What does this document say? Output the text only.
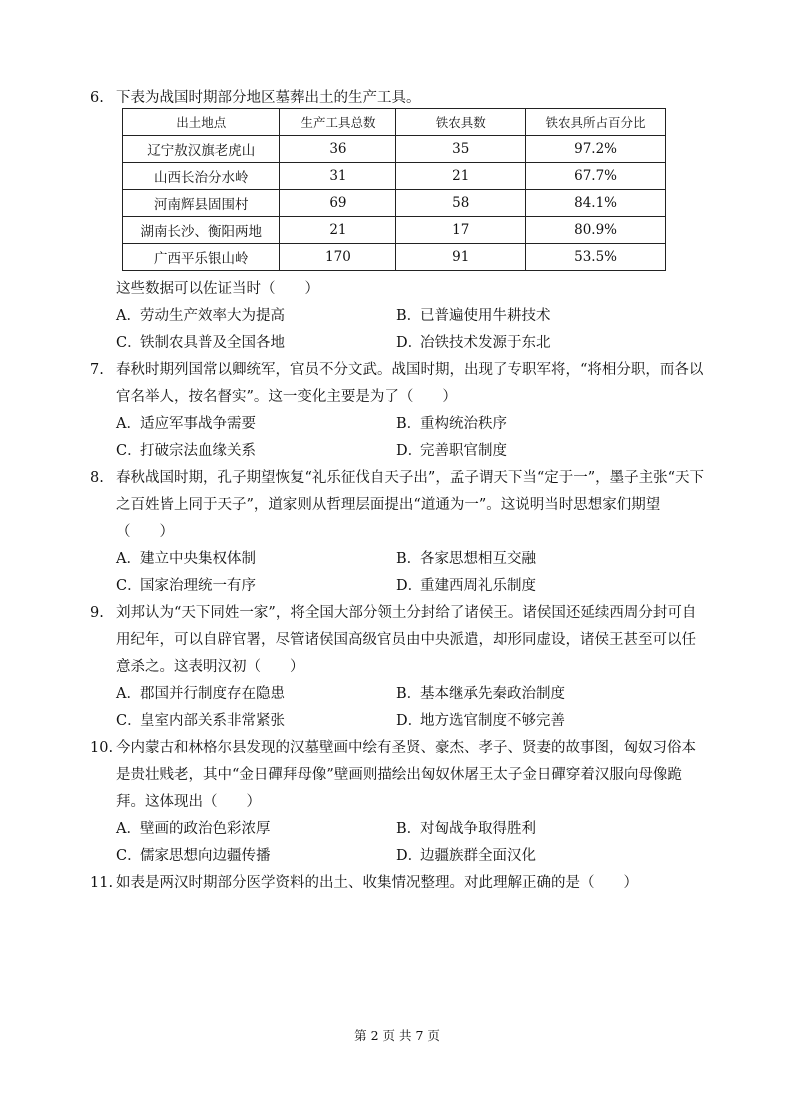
6. 下表为战国时期部分地区墓葬出土的生产工具。
出土地点	生产工具总数	铁农具数	铁农具所占百分比
辽宁敖汉旗老虎山	36	35	97.2%
山西长治分水岭	31	21	67.7%
河南辉县固围村	69	58	84.1%
湖南长沙、衡阳两地	21	17	80.9%
广西平乐银山岭	170	91	53.5%
这些数据可以佐证当时（　　）
A．劳动生产效率大为提高	B．已普遍使用牛耕技术
C．铁制农具普及全国各地	D．冶铁技术发源于东北
7. 春秋时期列国常以卿统军，官员不分文武。战国时期，出现了专职军将，“将相分职，而各以官名举人，按名督实”。这一变化主要是为了（　　）
A．适应军事战争需要	B．重构统治秩序
C．打破宗法血缘关系	D．完善职官制度
8. 春秋战国时期，孔子期望恢复“礼乐征伐自天子出”，孟子谓天下当“定于一”，墨子主张“天下之百姓皆上同于天子”，道家则从哲理层面提出“道通为一”。这说明当时思想家们期望（　　）
A．建立中央集权体制	B．各家思想相互交融
C．国家治理统一有序	D．重建西周礼乐制度
9. 刘邦认为“天下同姓一家”，将全国大部分领土分封给了诸侯王。诸侯国还延续西周分封可自用纪年，可以自辟官署，尽管诸侯国高级官员由中央派遣，却形同虚设，诸侯王甚至可以任意杀之。这表明汉初（　　）
A．郡国并行制度存在隐患	B．基本继承先秦政治制度
C．皇室内部关系非常紧张	D．地方选官制度不够完善
10. 今内蒙古和林格尔县发现的汉墓壁画中绘有圣贤、豪杰、孝子、贤妻的故事图，匈奴习俗本是贵壮贱老，其中“金日磾拜母像”壁画则描绘出匈奴休屠王太子金日磾穿着汉服向母像跪拜。这体现出（　　）
A．壁画的政治色彩浓厚	B．对匈战争取得胜利
C．儒家思想向边疆传播	D．边疆族群全面汉化
11. 如表是两汉时期部分医学资料的出土、收集情况整理。对此理解正确的是（　　）
第 2 页 共 7 页
